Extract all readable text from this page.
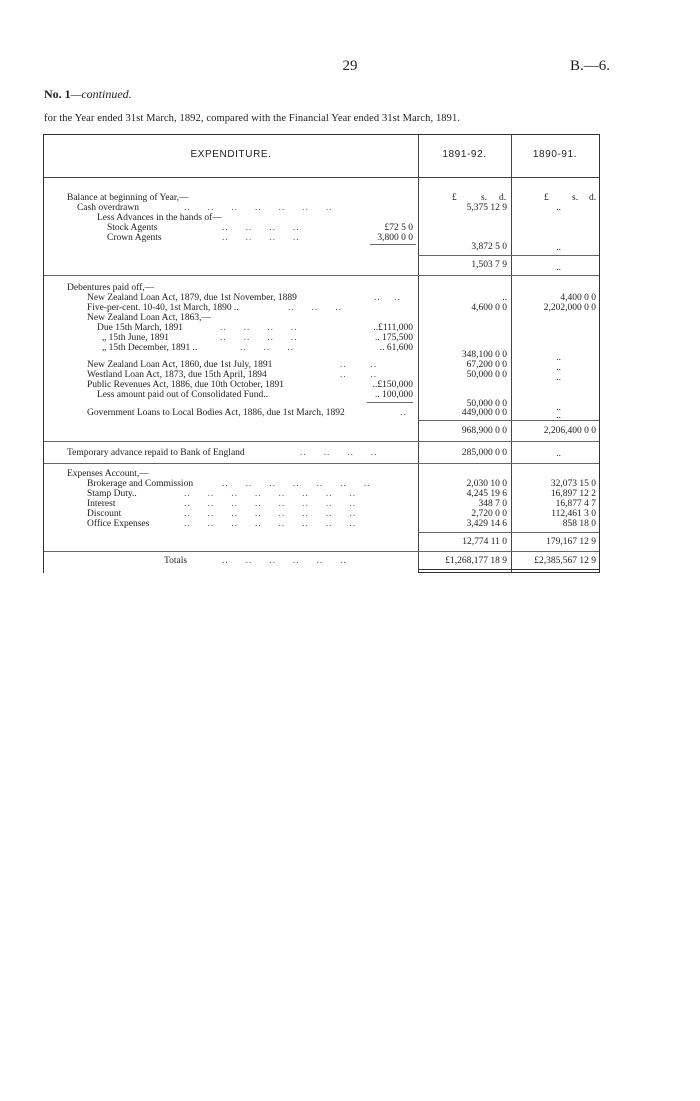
29	B.—6.
No. 1—continued.
for the Year ended 31st March, 1892, compared with the Financial Year ended 31st March, 1891.
EXPENDITURE.	1891-92.	1890-91.
£	s. d.	£ s. d.
Balance at beginning of Year,—
Cash overdrawn	..     ..     ..     ..     ..     ..     ..	5,375 12 9	..
Less Advances in the hands of—
Stock Agents	..     ..     ..     ..	£72 5 0
Crown Agents	..     ..     ..     ..	3,800 0 0
3,872 5 0	..
1,503 7 9	..
Debentures paid off,—
New Zealand Loan Act, 1879, due 1st November, 1889	..    ..	..	4,400 0 0
Five-per-cent. 10-40, 1st March, 1890 ..	..     ..     ..	4,600 0 0	2,202,000 0 0
New Zealand Loan Act, 1863,—
Due 15th March, 1891	..     ..     ..     ..	..£111,000
„ 15th June, 1891	..     ..     ..     ..	.. 175,500
„ 15th December, 1891 ..	..     ..     ..	.. 61,600
348,100 0 0	..
New Zealand Loan Act, 1860, due 1st July, 1891	..       ..	67,200 0 0	..
Westland Loan Act, 1873, due 15th April, 1894	..       ..	50,000 0 0	..
Public Revenues Act, 1886, due 10th October, 1891	..£150,000
Less amount paid out of Consolidated Fund..	.. 100,000
50,000 0 0	..
Government Loans to Local Bodies Act, 1886, due 1st March, 1892	..	449,000 0 0	..
968,900 0 0	2,206,400 0 0
Temporary advance repaid to Bank of England	..     ..     ..     ..	285,000 0 0	..
Expenses Account,—
Brokerage and Commission	..     ..     ..     ..     ..     ..     ..	2,030 10 0	32,073 15 0
Stamp Duty..	..     ..     ..     ..     ..     ..     ..     ..	4,245 19 6	16,897 12 2
Interest	..     ..     ..     ..     ..     ..     ..     ..	348 7 0	16,877 4 7
Discount	..     ..     ..     ..     ..     ..     ..     ..	2,720 0 0	112,461 3 0
Office Expenses	..     ..     ..     ..     ..     ..     ..     ..	3,429 14 6	858 18 0
12,774 11 0	179,167 12 9
Totals	..     ..     ..     ..     ..     ..	£1,268,177 18 9	£2,385,567 12 9
